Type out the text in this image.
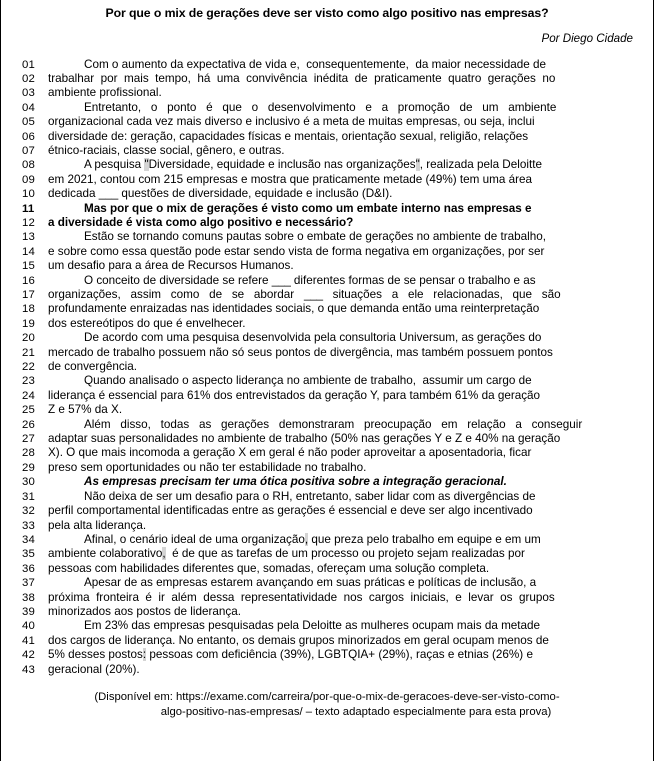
Por que o mix de gerações deve ser visto como algo positivo nas empresas?

Por Diego Cidade

01	Com o aumento da expectativa de vida e,  consequentemente,  da maior necessidade de
02	trabalhar  por  mais  tempo,  há  uma  convivência  inédita  de  praticamente  quatro  gerações  no
03	ambiente profissional.
04	Entretanto,   o   ponto   é   que   o   desenvolvimento   e   a   promoção   de   um   ambiente
05	organizacional cada vez mais diverso e inclusivo é a meta de muitas empresas, ou seja, inclui
06	diversidade de: geração, capacidades físicas e mentais, orientação sexual, religião, relações
07	étnico-raciais, classe social, gênero, e outras.
08	A pesquisa "Diversidade, equidade e inclusão nas organizações", realizada pela Deloitte
09	em 2021, contou com 215 empresas e mostra que praticamente metade (49%) tem uma área
10	dedicada ___ questões de diversidade, equidade e inclusão (D&I).
11	Mas por que o mix de gerações é visto como um embate interno nas empresas e
12	a diversidade é vista como algo positivo e necessário?
13	Estão se tornando comuns pautas sobre o embate de gerações no ambiente de trabalho,
14	e sobre como essa questão pode estar sendo vista de forma negativa em organizações, por ser
15	um desafio para a área de Recursos Humanos.
16	O conceito de diversidade se refere ___ diferentes formas de se pensar o trabalho e as
17	organizações,   assim   como   de   se   abordar   ___   situações   a   ele   relacionadas,   que   são
18	profundamente enraizadas nas identidades sociais, o que demanda então uma reinterpretação
19	dos estereótipos do que é envelhecer.
20	De acordo com uma pesquisa desenvolvida pela consultoria Universum, as gerações do
21	mercado de trabalho possuem não só seus pontos de divergência, mas também possuem pontos
22	de convergência.
23	Quando analisado o aspecto liderança no ambiente de trabalho,  assumir um cargo de
24	liderança é essencial para 61% dos entrevistados da geração Y, para também 61% da geração
25	Z e 57% da X.
26	Além   disso,   todas   as   gerações   demonstraram   preocupação   em   relação   a   conseguir
27	adaptar suas personalidades no ambiente de trabalho (50% nas gerações Y e Z e 40% na geração
28	X). O que mais incomoda a geração X em geral é não poder aproveitar a aposentadoria, ficar
29	preso sem oportunidades ou não ter estabilidade no trabalho.
30	As empresas precisam ter uma ótica positiva sobre a integração geracional.
31	Não deixa de ser um desafio para o RH, entretanto, saber lidar com as divergências de
32	perfil comportamental identificadas entre as gerações é essencial e deve ser algo incentivado
33	pela alta liderança.
34	Afinal, o cenário ideal de uma organização, que preza pelo trabalho em equipe e em um
35	ambiente colaborativo,  é de que as tarefas de um processo ou projeto sejam realizadas por
36	pessoas com habilidades diferentes que, somadas, ofereçam uma solução completa.
37	Apesar de as empresas estarem avançando em suas práticas e políticas de inclusão, a
38	próxima  fronteira  é  ir  além  dessa  representatividade  nos  cargos  iniciais,  e  levar  os  grupos
39	minorizados aos postos de liderança.
40	Em 23% das empresas pesquisadas pela Deloitte as mulheres ocupam mais da metade
41	dos cargos de liderança. No entanto, os demais grupos minorizados em geral ocupam menos de
42	5% desses postos: pessoas com deficiência (39%), LGBTQIA+ (29%), raças e etnias (26%) e
43	geracional (20%).

(Disponível em: https://exame.com/carreira/por-que-o-mix-de-geracoes-deve-ser-visto-como-
algo-positivo-nas-empresas/ – texto adaptado especialmente para esta prova)
